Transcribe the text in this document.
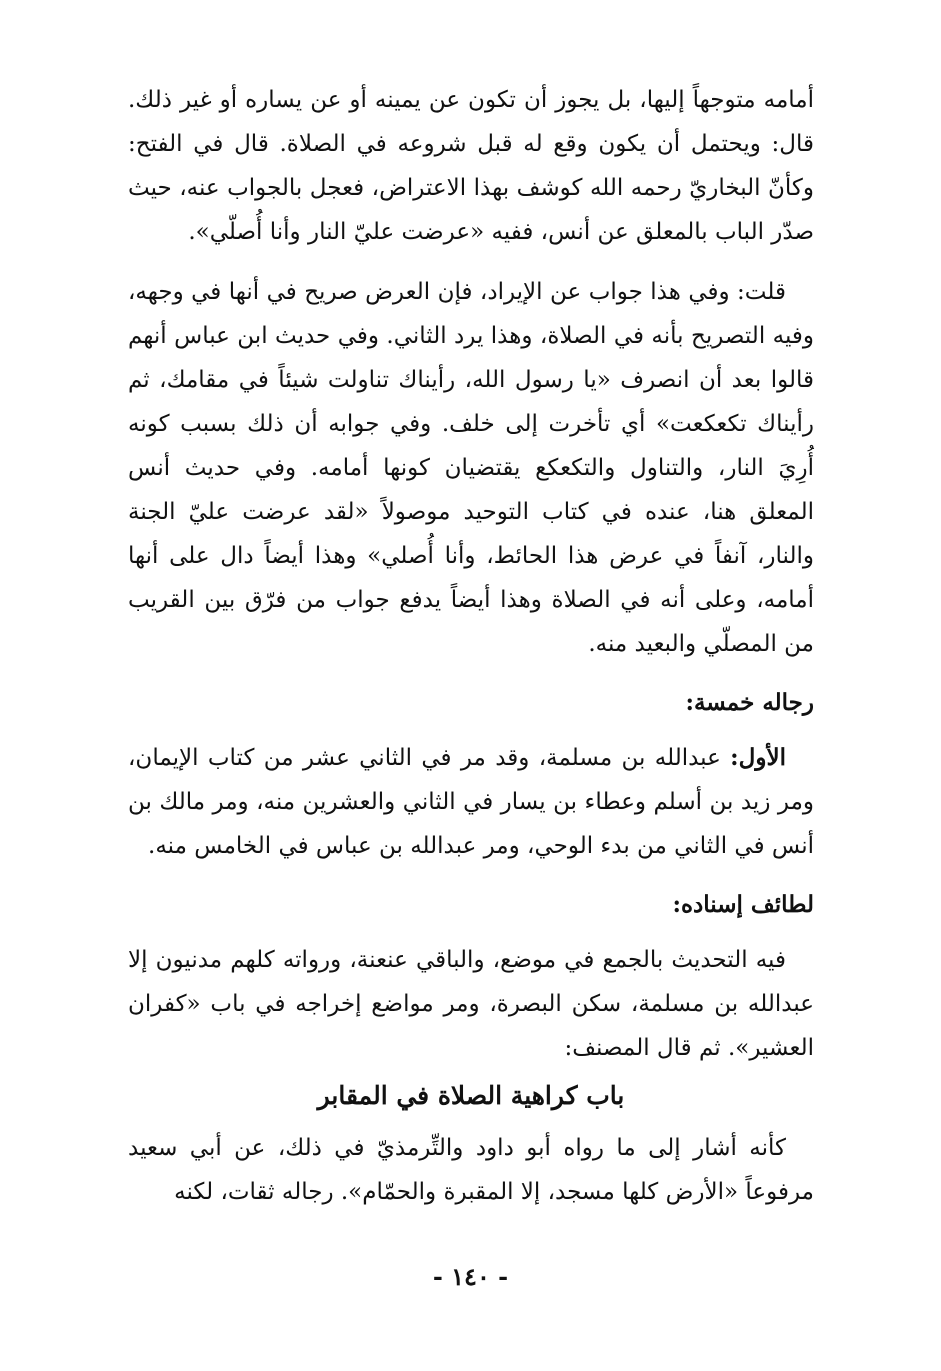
أمامه متوجهاً إليها، بل يجوز أن تكون عن يمينه أو عن يساره أو غير ذلك. قال: ويحتمل أن يكون وقع له قبل شروعه في الصلاة. قال في الفتح: وكأنّ البخاريّ رحمه الله كوشف بهذا الاعتراض، فعجل بالجواب عنه، حيث صدّر الباب بالمعلق عن أنس، ففيه «عرضت عليّ النار وأنا أُصلّي».

قلت: وفي هذا جواب عن الإيراد، فإن العرض صريح في أنها في وجهه، وفيه التصريح بأنه في الصلاة، وهذا يرد الثاني. وفي حديث ابن عباس أنهم قالوا بعد أن انصرف «يا رسول الله، رأيناك تناولت شيئاً في مقامك، ثم رأيناك تكعكعت» أي تأخرت إلى خلف. وفي جوابه أن ذلك بسبب كونه أُرِيَ النار، والتناول والتكعكع يقتضيان كونها أمامه. وفي حديث أنس المعلق هنا، عنده في كتاب التوحيد موصولاً «لقد عرضت عليّ الجنة والنار، آنفاً في عرض هذا الحائط، وأنا أُصلي» وهذا أيضاً دال على أنها أمامه، وعلى أنه في الصلاة وهذا أيضاً يدفع جواب من فرّق بين القريب من المصلّي والبعيد منه.

رجاله خمسة:

الأول: عبدالله بن مسلمة، وقد مر في الثاني عشر من كتاب الإيمان، ومر زيد بن أسلم وعطاء بن يسار في الثاني والعشرين منه، ومر مالك بن أنس في الثاني من بدء الوحي، ومر عبدالله بن عباس في الخامس منه.

لطائف إسناده:

فيه التحديث بالجمع في موضع، والباقي عنعنة، ورواته كلهم مدنيون إلا عبدالله بن مسلمة، سكن البصرة، ومر مواضع إخراجه في باب «كفران العشير». ثم قال المصنف:

باب كراهية الصلاة في المقابر

كأنه أشار إلى ما رواه أبو داود والتِّرمذيّ في ذلك، عن أبي سعيد مرفوعاً «الأرض كلها مسجد، إلا المقبرة والحمّام». رجاله ثقات، لكنه

- ١٤٠ -
